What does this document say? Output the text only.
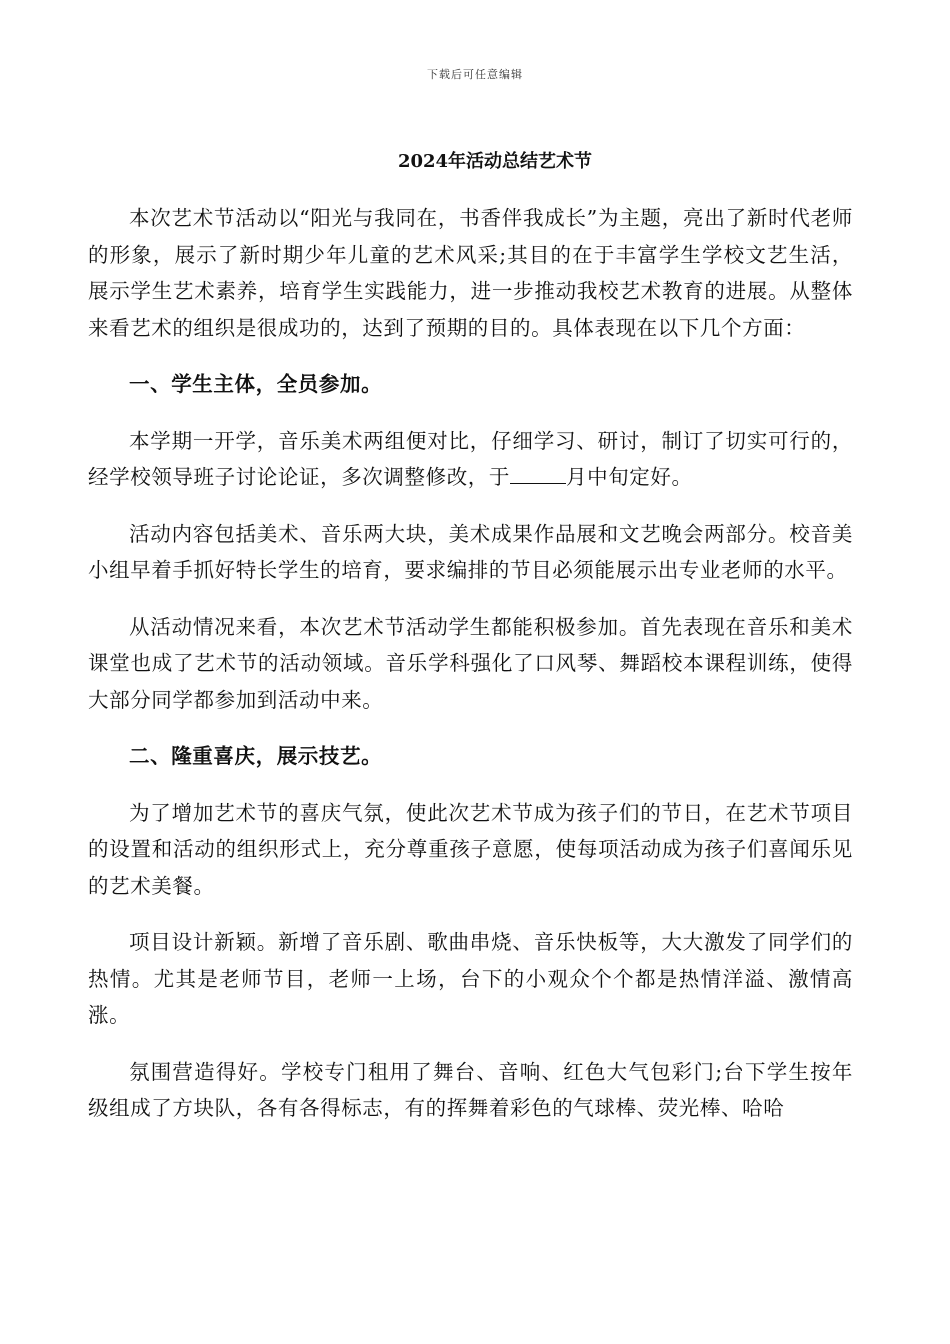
下载后可任意编辑
2024年活动总结艺术节

本次艺术节活动以“阳光与我同在，书香伴我成长”为主题，亮出了新时代老师的形象，展示了新时期少年儿童的艺术风采;其目的在于丰富学生学校文艺生活，展示学生艺术素养，培育学生实践能力，进一步推动我校艺术教育的进展。从整体来看艺术的组织是很成功的，达到了预期的目的。具体表现在以下几个方面：

一、学生主体，全员参加。

本学期一开学，音乐美术两组便对比，仔细学习、研讨，制订了切实可行的，经学校领导班子讨论论证，多次调整修改，于	月中旬定好。

活动内容包括美术、音乐两大块，美术成果作品展和文艺晚会两部分。校音美小组早着手抓好特长学生的培育，要求编排的节目必须能展示出专业老师的水平。

从活动情况来看，本次艺术节活动学生都能积极参加。首先表现在音乐和美术课堂也成了艺术节的活动领域。音乐学科强化了口风琴、舞蹈校本课程训练，使得大部分同学都参加到活动中来。

二、隆重喜庆，展示技艺。

为了增加艺术节的喜庆气氛，使此次艺术节成为孩子们的节日，在艺术节项目的设置和活动的组织形式上，充分尊重孩子意愿，使每项活动成为孩子们喜闻乐见的艺术美餐。

项目设计新颖。新增了音乐剧、歌曲串烧、音乐快板等，大大激发了同学们的热情。尤其是老师节目，老师一上场，台下的小观众个个都是热情洋溢、激情高涨。

氛围营造得好。学校专门租用了舞台、音响、红色大气包彩门;台下学生按年级组成了方块队，各有各得标志，有的挥舞着彩色的气球棒、荧光棒、哈哈
